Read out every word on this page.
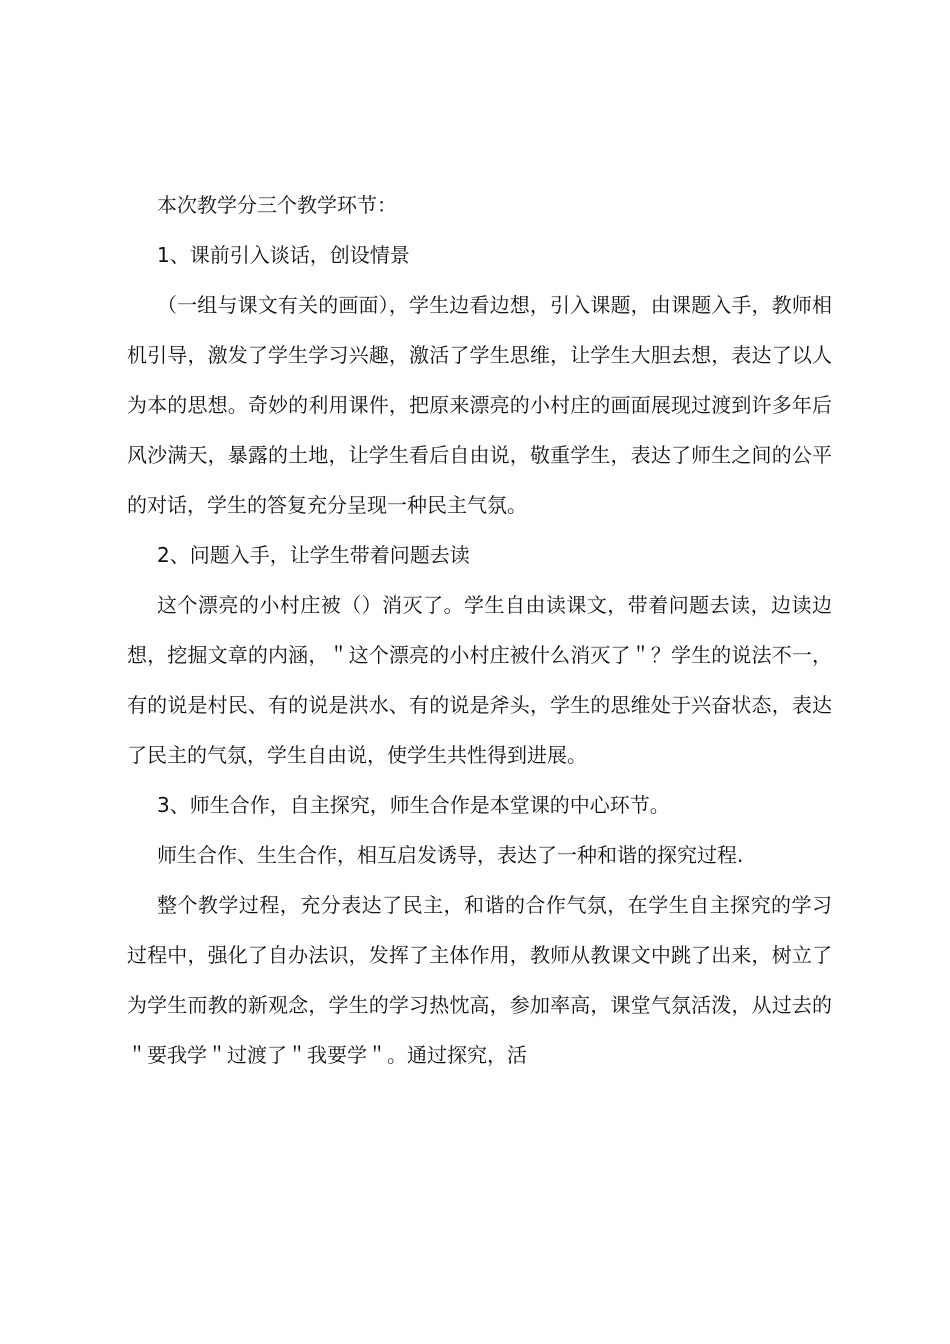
本次教学分三个教学环节：

1、课前引入谈话，创设情景

（一组与课文有关的画面），学生边看边想，引入课题，由课题入手，教师相机引导，激发了学生学习兴趣，激活了学生思维，让学生大胆去想，表达了以人为本的思想。奇妙的利用课件，把原来漂亮的小村庄的画面展现过渡到许多年后风沙满天，暴露的土地，让学生看后自由说，敬重学生，表达了师生之间的公平的对话，学生的答复充分呈现一种民主气氛。

2、问题入手，让学生带着问题去读

这个漂亮的小村庄被（）消灭了。学生自由读课文，带着问题去读，边读边想，挖掘文章的内涵，＂这个漂亮的小村庄被什么消灭了＂？学生的说法不一，有的说是村民、有的说是洪水、有的说是斧头，学生的思维处于兴奋状态，表达了民主的气氛，学生自由说，使学生共性得到进展。

3、师生合作，自主探究，师生合作是本堂课的中心环节。

师生合作、生生合作，相互启发诱导，表达了一种和谐的探究过程.

整个教学过程，充分表达了民主，和谐的合作气氛，在学生自主探究的学习过程中，强化了自办法识，发挥了主体作用，教师从教课文中跳了出来，树立了为学生而教的新观念，学生的学习热忱高，参加率高，课堂气氛活泼，从过去的＂要我学＂过渡了＂我要学＂。通过探究，活
